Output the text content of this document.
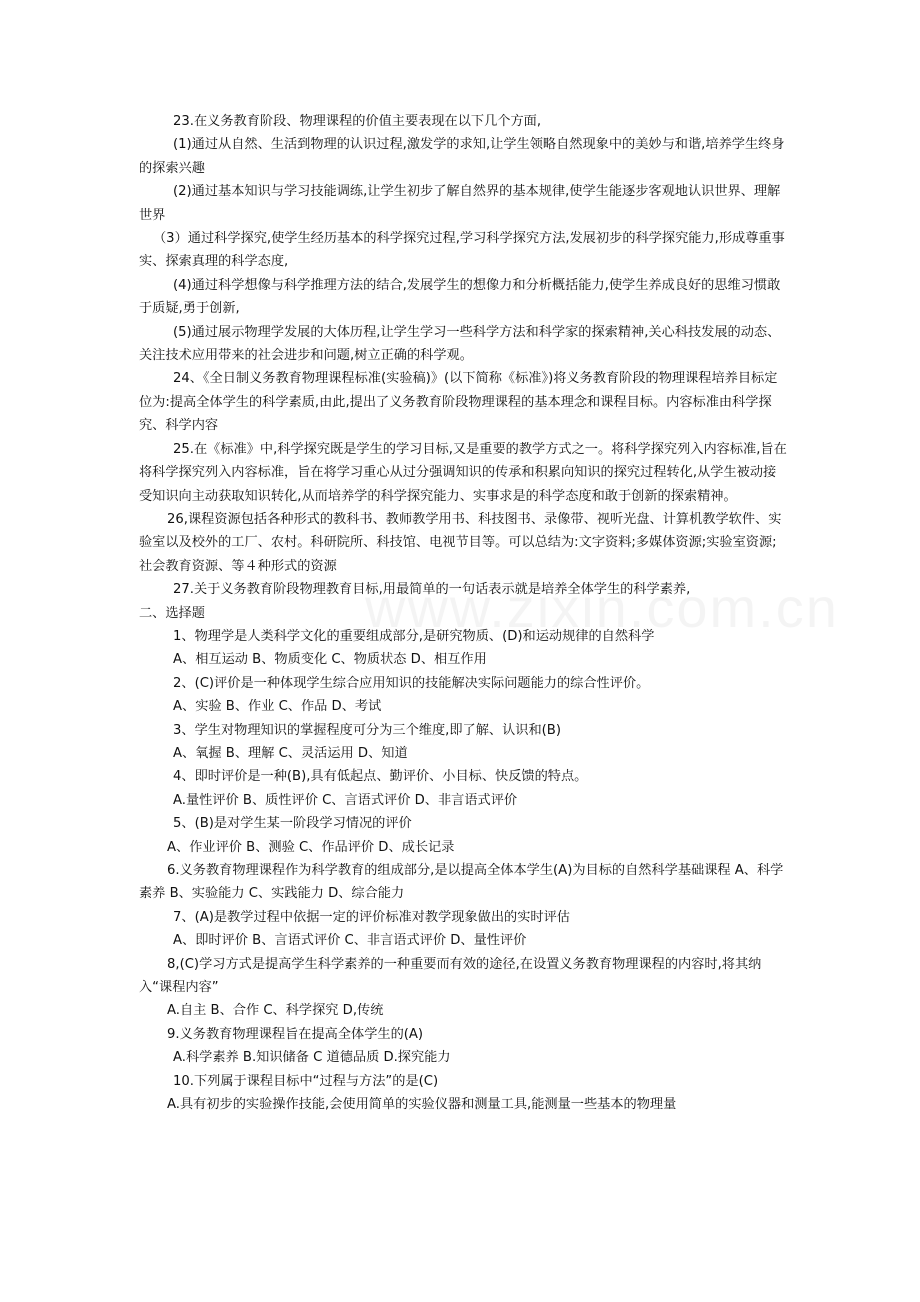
23.在义务教育阶段、物理课程的价值主要表现在以下几个方面,

(1)通过从自然、生活到物理的认识过程,激发学的求知,让学生领略自然现象中的美妙与和谐,培养学生终身的探索兴趣

(2)通过基本知识与学习技能调练,让学生初步了解自然界的基本规律,使学生能逐步客观地认识世界、理解世界

（3）通过科学探究,使学生经历基本的科学探究过程,学习科学探究方法,发展初步的科学探究能力,形成尊重事实、探索真理的科学态度,

(4)通过科学想像与科学推理方法的结合,发展学生的想像力和分析概括能力,使学生养成良好的思维习惯敢于质疑,勇于创新,

(5)通过展示物理学发展的大体历程,让学生学习一些科学方法和科学家的探索精神,关心科技发展的动态、关注技术应用带来的社会进步和问题,树立正确的科学观。

24、《全日制义务教育物理课程标准(实验稿)》(以下简称《标准》)将义务教育阶段的物理课程培养目标定位为:提高全体学生的科学素质,由此,提出了义务教育阶段物理课程的基本理念和课程目标。内容标准由科学探究、科学内容

25.在《标准》中,科学探究既是学生的学习目标,又是重要的教学方式之一。将科学探究列入内容标准,旨在将科学探究列入内容标准，旨在将学习重心从过分强调知识的传承和积累向知识的探究过程转化,从学生被动接受知识向主动获取知识转化,从而培养学的科学探究能力、实事求是的科学态度和敢于创新的探索精神。

26,课程资源包括各种形式的教科书、教师教学用书、科技图书、录像带、视听光盘、计算机教学软件、实验室以及校外的工厂、农村。科研院所、科技馆、电视节目等。可以总结为:文字资料;多媒体资源;实验室资源;社会教育资源、等４种形式的资源

27.关于义务教育阶段物理教育目标,用最简单的一句话表示就是培养全体学生的科学素养,

二、选择题

1、物理学是人类科学文化的重要组成部分,是研究物质、(D)和运动规律的自然科学

A、相互运动 B、物质变化 C、物质状态 D、相互作用

2、(C)评价是一种体现学生综合应用知识的技能解决实际问题能力的综合性评价。

A、实验 B、作业 C、作品 D、考试

3、学生对物理知识的掌握程度可分为三个维度,即了解、认识和(B)

A、氧握 B、理解 C、灵活运用 D、知道

4、即时评价是一种(B),具有低起点、勤评价、小目标、快反馈的特点。

A.量性评价 B、质性评价 C、言语式评价 D、非言语式评价

5、(B)是对学生某一阶段学习情况的评价

A、作业评价 B、测验 C、作品评价 D、成长记录

6.义务教育物理课程作为科学教育的组成部分,是以提高全体本学生(A)为目标的自然科学基础课程 A、科学素养 B、实验能力 C、实践能力 D、综合能力

7、(A)是教学过程中依据一定的评价标准对教学现象做出的实时评估

A、即时评价 B、言语式评价 C、非言语式评价 D、量性评价

8,(C)学习方式是提高学生科学素养的一种重要而有效的途径,在设置义务教育物理课程的内容时,将其纳入“课程内容”

A.自主 B、合作 C、科学探究 D,传统

9.义务教育物理课程旨在提高全体学生的(A)

A.科学素养 B.知识储备 C 道德品质 D.探究能力

10.下列属于课程目标中“过程与方法”的是(C)

A.具有初步的实验操作技能,会使用简单的实验仪器和测量工具,能测量一些基本的物理量
